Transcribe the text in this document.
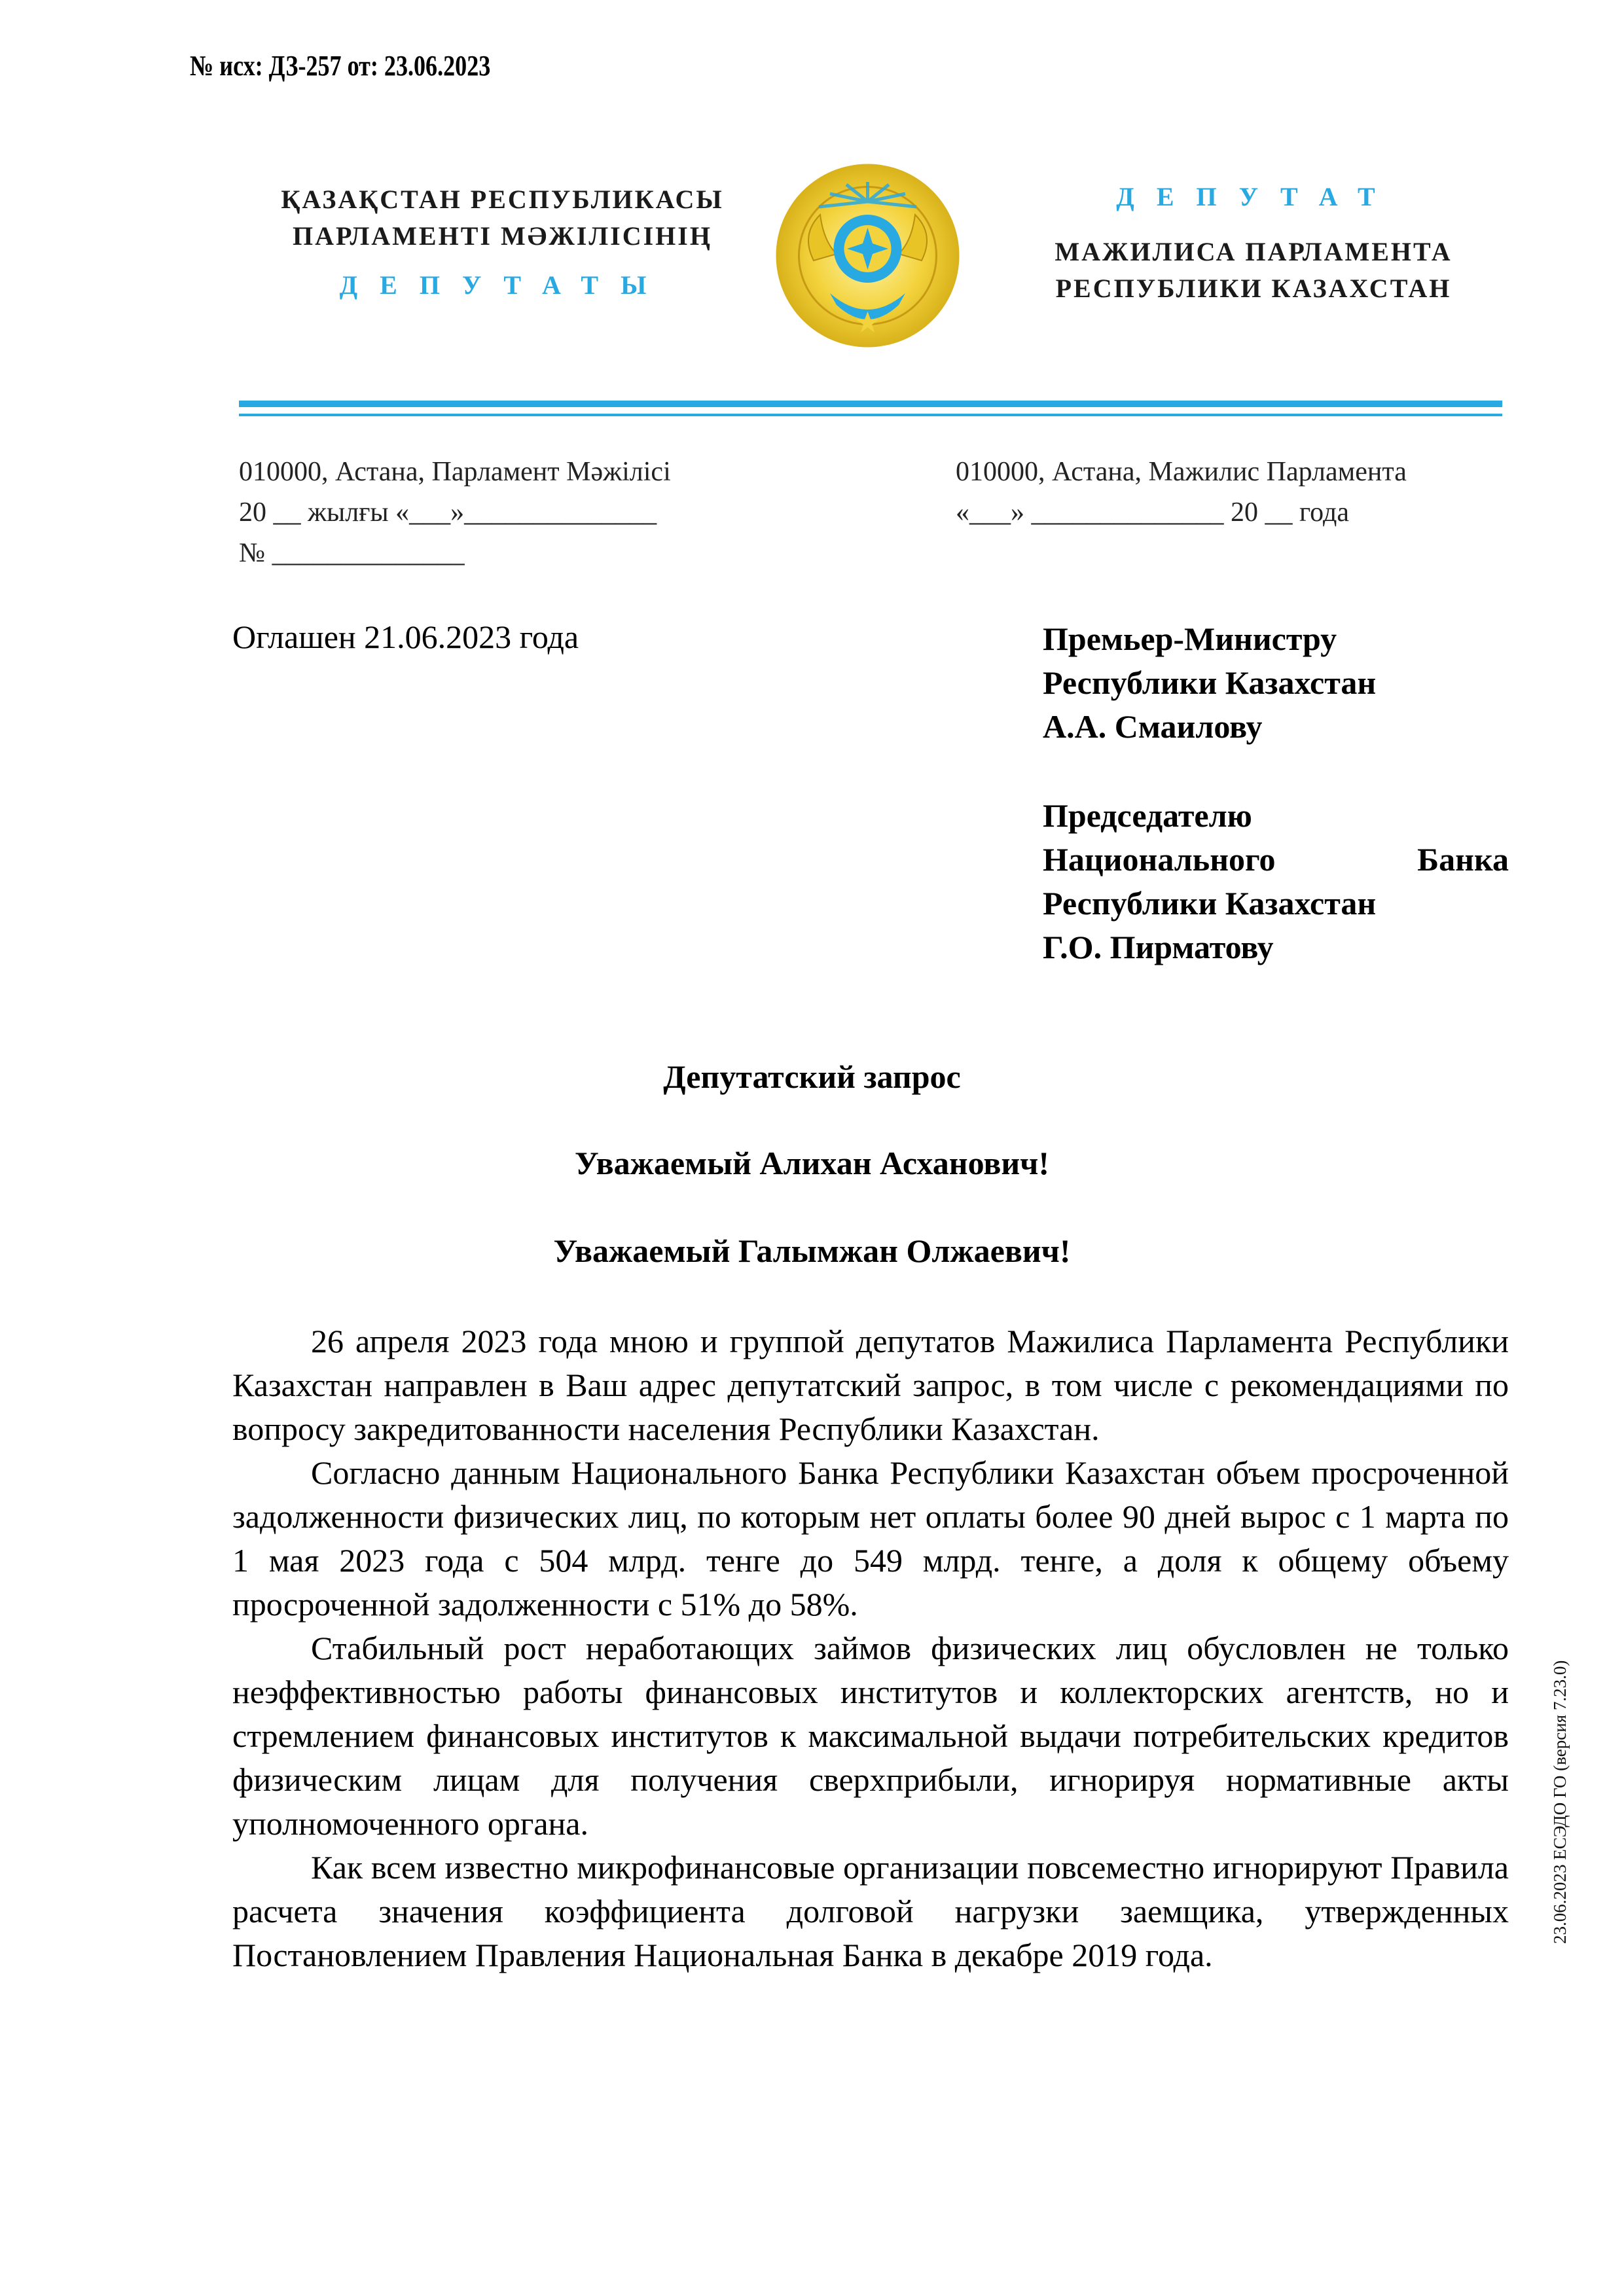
№ исх: ДЗ-257 от: 23.06.2023
ҚАЗАҚСТАН РЕСПУБЛИКАСЫ
ПАРЛАМЕНТІ МӘЖІЛІСІНІҢ
ДЕПУТАТЫ
ДЕПУТАТ
МАЖИЛИСА ПАРЛАМЕНТА
РЕСПУБЛИКИ КАЗАХСТАН
010000, Астана, Парламент Мәжілісі
20 __ жылғы «___»______________
№ ______________
010000, Астана, Мажилис Парламента
«___» ______________ 20 __ года
Оглашен 21.06.2023 года	Премьер-Министру
Республики Казахстан
А.А. Смаилову
Председателю
Национального	Банка
Республики Казахстан
Г.О. Пирматову
Депутатский запрос
Уважаемый Алихан Асханович!
Уважаемый Галымжан Олжаевич!

26 апреля 2023 года мною и группой депутатов Мажилиса Парламента Республики Казахстан направлен в Ваш адрес депутатский запрос, в том числе с рекомендациями по вопросу закредитованности населения Республики Казахстан.

Согласно данным Национального Банка Республики Казахстан объем просроченной задолженности физических лиц, по которым нет оплаты более 90 дней вырос с 1 марта по 1 мая 2023 года с 504 млрд. тенге до 549 млрд. тенге, а доля к общему объему просроченной задолженности с 51% до 58%.

Стабильный рост неработающих займов физических лиц обусловлен не только неэффективностью работы финансовых институтов и коллекторских агентств, но и стремлением финансовых институтов к максимальной выдачи потребительских кредитов физическим лицам для получения сверхприбыли, игнорируя нормативные акты уполномоченного органа.

Как всем известно микрофинансовые организации повсеместно игнорируют Правила расчета значения коэффициента долговой нагрузки заемщика, утвержденных Постановлением Правления Национальная Банка в декабре 2019 года.

23.06.2023 ЕСЭДО ГО (версия 7.23.0)
